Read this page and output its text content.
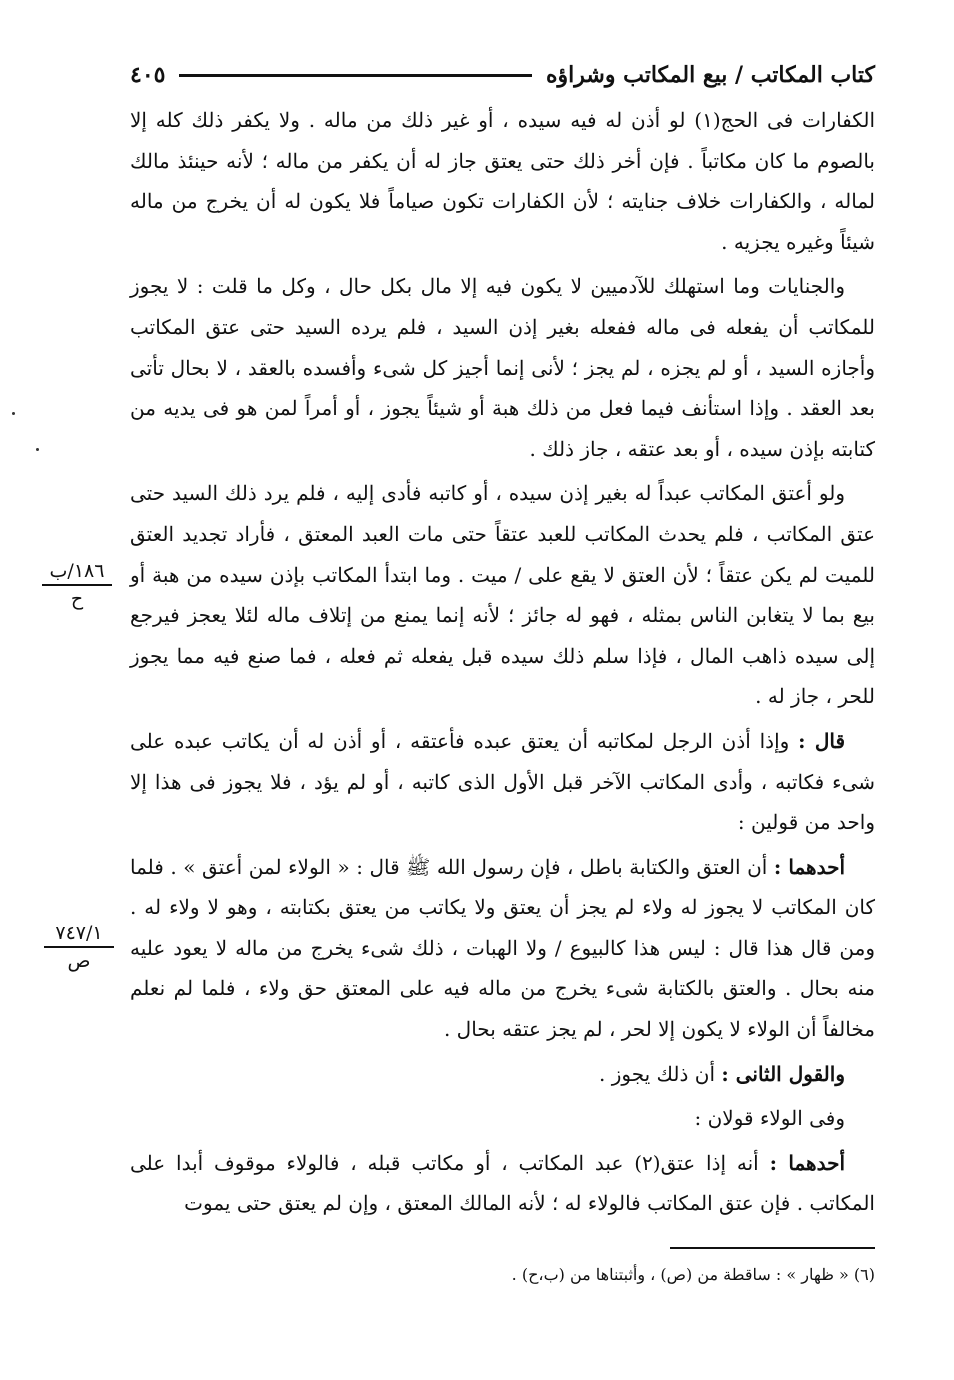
كتاب المكاتب / بيع المكاتب وشراؤه
٤٠٥

الكفارات فى الحج(١) لو أذن له فيه سيده ، أو غير ذلك من ماله . ولا يكفر ذلك كله إلا بالصوم ما كان مكاتباً . فإن أخر ذلك حتى يعتق جاز له أن يكفر من ماله ؛ لأنه حينئذ مالك لماله ، والكفارات خلاف جنايته ؛ لأن الكفارات تكون صياماً فلا يكون له أن يخرج من ماله شيئاً وغيره يجزيه .

والجنايات وما استهلك للآدميين لا يكون فيه إلا مال بكل حال ، وكل ما قلت : لا يجوز للمكاتب أن يفعله فى ماله ففعله بغير إذن السيد ، فلم يرده السيد حتى عتق المكاتب وأجازه السيد ، أو لم يجزه ، لم يجز ؛ لأنى إنما أجيز كل شىء وأفسده بالعقد ، لا بحال تأتى بعد العقد . وإذا استأنف فيما فعل من ذلك هبة أو شيئاً يجوز ، أو أمراً لمن هو فى يديه من كتابته بإذن سيده ، أو بعد عتقه ، جاز ذلك .

ولو أعتق المكاتب عبداً له بغير إذن سيده ، أو كاتبه فأدى إليه ، فلم يرد ذلك السيد حتى عتق المكاتب ، فلم يحدث المكاتب للعبد عتقاً حتى مات العبد المعتق ، فأراد تجديد العتق للميت لم يكن عتقاً ؛ لأن العتق لا يقع على / ميت . وما ابتدأ المكاتب بإذن سيده من هبة أو بيع بما لا يتغابن الناس بمثله ، فهو له جائز ؛ لأنه إنما يمنع من إتلاف ماله لئلا يعجز فيرجع إلى سيده ذاهب المال ، فإذا سلم ذلك سيده قبل يفعله ثم فعله ، فما صنع فيه مما يجوز للحر ، جاز له .

قال : وإذا أذن الرجل لمكاتبه أن يعتق عبده فأعتقه ، أو أذن له أن يكاتب عبده على شىء فكاتبه ، وأدى المكاتب الآخر قبل الأول الذى كاتبه ، أو لم يؤد ، فلا يجوز فى هذا إلا واحد من قولين :

أحدهما : أن العتق والكتابة باطل ، فإن رسول الله ﷺ قال : « الولاء لمن أعتق » . فلما كان المكاتب لا يجوز له ولاء لم يجز أن يعتق ولا يكاتب من يعتق بكتابته ، وهو لا ولاء له . ومن قال هذا قال : ليس هذا كالبيوع / ولا الهبات ، ذلك شىء يخرج من ماله لا يعود عليه منه بحال . والعتق بالكتابة شىء يخرج من ماله فيه على المعتق حق ولاء ، فلما لم نعلم مخالفاً أن الولاء لا يكون إلا لحر ، لم يجز عتقه بحال .

والقول الثانى : أن ذلك يجوز .

وفى الولاء قولان :

أحدهما : أنه إذا عتق(٢) عبد المكاتب ، أو مكاتب قبله ، فالولاء موقوف أبدا على المكاتب . فإن عتق المكاتب فالولاء له ؛ لأنه المالك المعتق ، وإن لم يعتق حتى يموت

١٨٦/ب
ح
٧٤٧/١
ص
(٦) « ظهار » : ساقطة من (ص) ، وأثبتناها من (ب،ح) .
